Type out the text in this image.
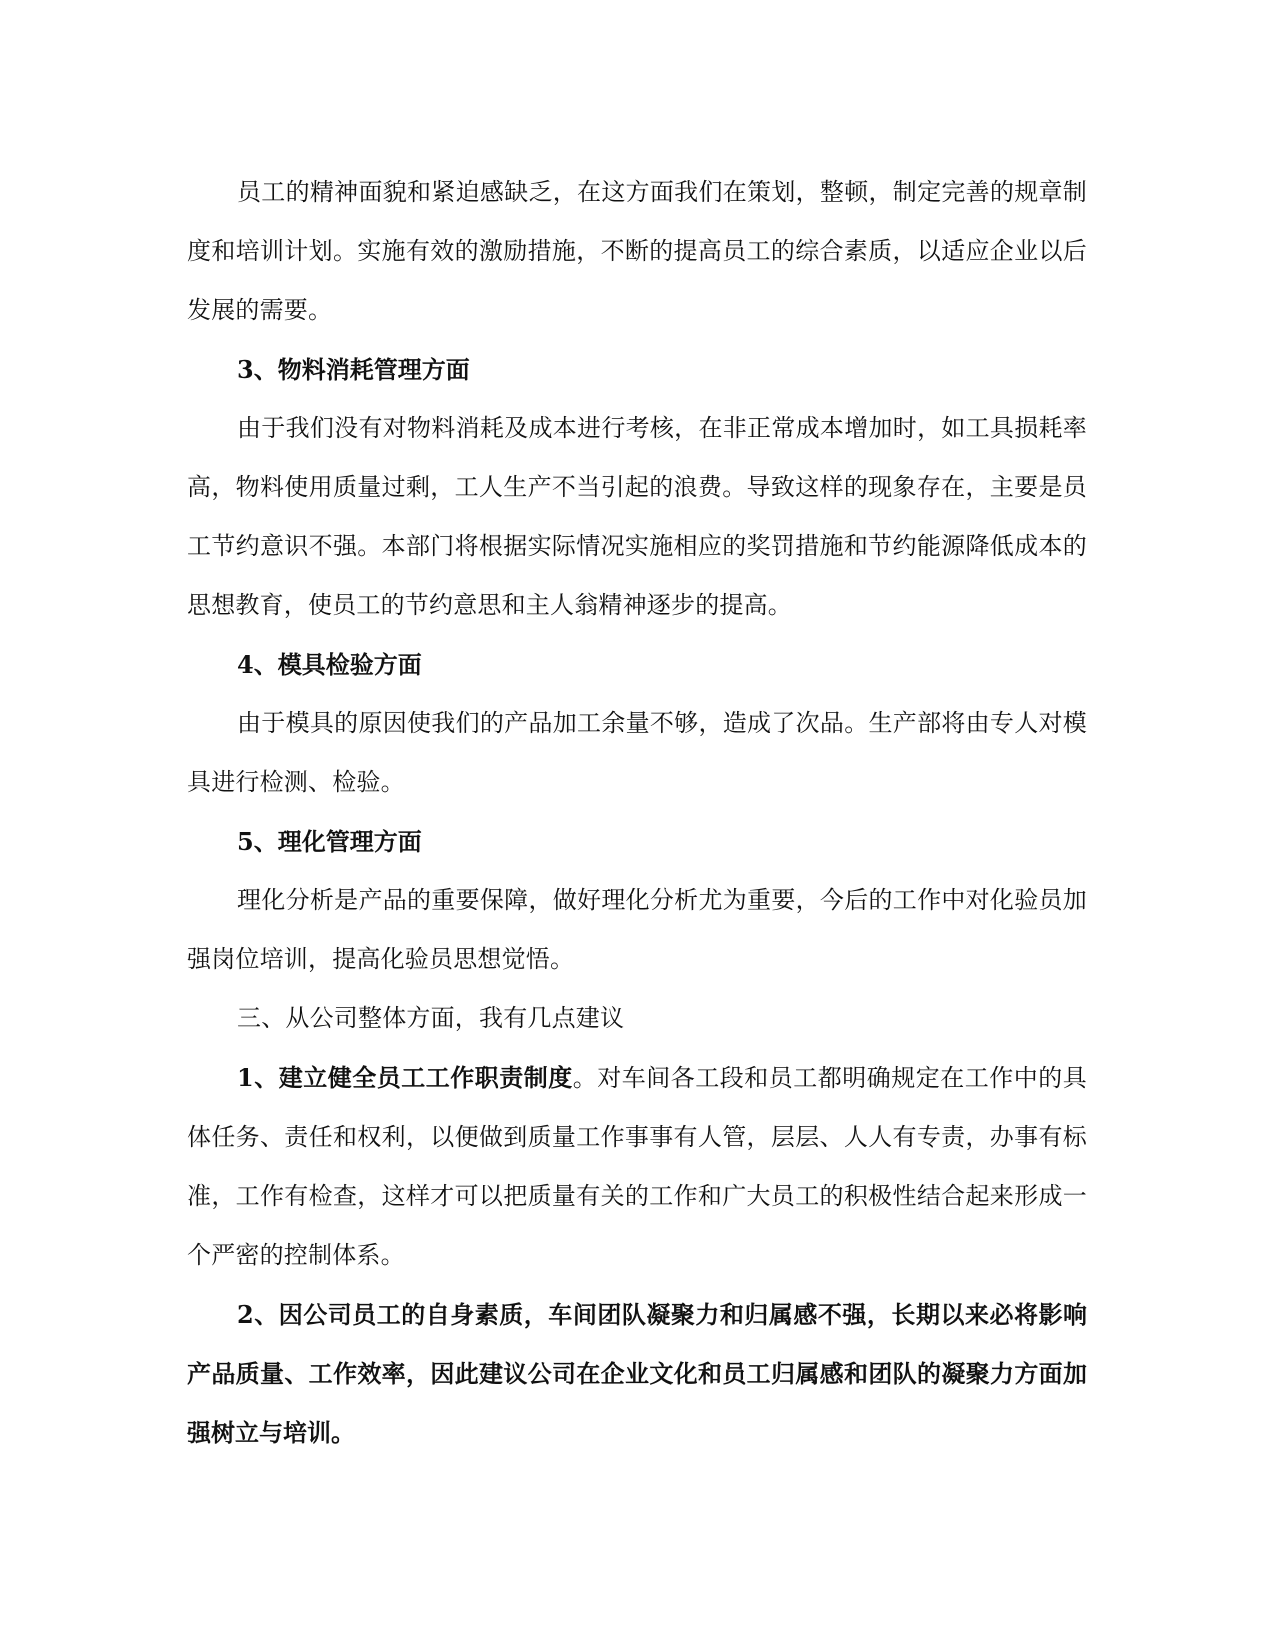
员工的精神面貌和紧迫感缺乏，在这方面我们在策划，整顿，制定完善的规章制度和培训计划。实施有效的激励措施，不断的提高员工的综合素质，以适应企业以后发展的需要。

3、物料消耗管理方面

由于我们没有对物料消耗及成本进行考核，在非正常成本增加时，如工具损耗率高，物料使用质量过剩，工人生产不当引起的浪费。导致这样的现象存在，主要是员工节约意识不强。本部门将根据实际情况实施相应的奖罚措施和节约能源降低成本的思想教育，使员工的节约意思和主人翁精神逐步的提高。

4、模具检验方面

由于模具的原因使我们的产品加工余量不够，造成了次品。生产部将由专人对模具进行检测、检验。

5、理化管理方面

理化分析是产品的重要保障，做好理化分析尤为重要，今后的工作中对化验员加强岗位培训，提高化验员思想觉悟。

三、从公司整体方面，我有几点建议

1、建立健全员工工作职责制度。对车间各工段和员工都明确规定在工作中的具体任务、责任和权利，以便做到质量工作事事有人管，层层、人人有专责，办事有标准，工作有检查，这样才可以把质量有关的工作和广大员工的积极性结合起来形成一个严密的控制体系。

2、因公司员工的自身素质，车间团队凝聚力和归属感不强，长期以来必将影响产品质量、工作效率，因此建议公司在企业文化和员工归属感和团队的凝聚力方面加强树立与培训。
